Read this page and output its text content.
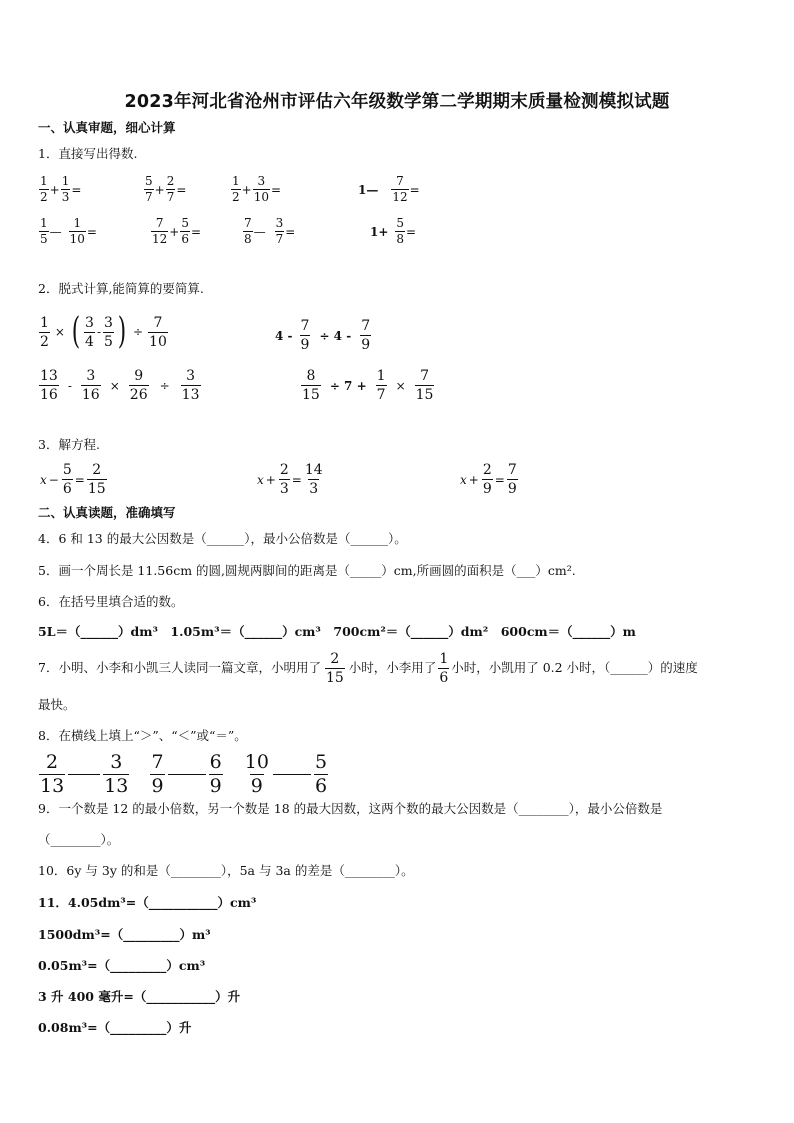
2023年河北省沧州市评估六年级数学第二学期期末质量检测模拟试题
一、认真审题，细心计算
1．直接写出得数.
$\frac{1}{2} + \frac{1}{3}$ =	$\frac{5}{7} + \frac{2}{7}$ =	$\frac{1}{2} + \frac{3}{10}$ =	1— $\frac{7}{12}$ =
$\frac{1}{5}$ — $\frac{1}{10}$ =	$\frac{7}{12} + \frac{5}{6}$ =	$\frac{7}{8}$ — $\frac{3}{7}$ =	$1+ \frac{5}{8}$ =
2．脱式计算,能简算的要简算.
$\frac{1}{2}$ × ( $\frac{3}{4} - \frac{3}{5}$ ) ÷ $\frac{7}{10}$	$4 - \frac{7}{9} \div 4 - \frac{7}{9}$
$\frac{13}{16} - \frac{3}{16} \times \frac{9}{26} \div \frac{3}{13}$	$\frac{8}{15} \div 7 + \frac{1}{7} \times \frac{7}{15}$
3．解方程.
$x - \frac{5}{6} = \frac{2}{15}$	$x + \frac{2}{3} = \frac{14}{3}$	$x + \frac{2}{9} = \frac{7}{9}$
二、认真读题，准确填写
4．6 和 13 的最大公因数是（______），最小公倍数是（______）。
5．画一个周长是 11.56cm 的圆,圆规两脚间的距离是（_____）cm,所画圆的面积是（___）cm².
6．在括号里填合适的数。
5L＝（______）dm³　1.05m³＝（______）cm³　700cm²＝（______）dm²　600cm＝（______）m
7．小明、小李和小凯三人读同一篇文章，小明用了 $\frac{2}{15}$ 小时，小李用了 $\frac{1}{6}$ 小时，小凯用了 0.2 小时，（______）的速度
最快。
8．在横线上填上“＞”、“＜”或“＝”。
$\frac{2}{13} \frac{3}{13}$
$\frac{7}{9} \frac{6}{9}$
$\frac{10}{9} \frac{5}{6}$
9．一个数是 12 的最小倍数，另一个数是 18 的最大因数，这两个数的最大公因数是（________），最小公倍数是
（________）。
10．6y 与 3y 的和是（________），5a 与 3a 的差是（________）。
11．4.05dm³=（___________）cm³
1500dm³=（_________）m³
0.05m³=（_________）cm³
3 升 400 毫升=（___________）升
0.08m³=（_________）升
